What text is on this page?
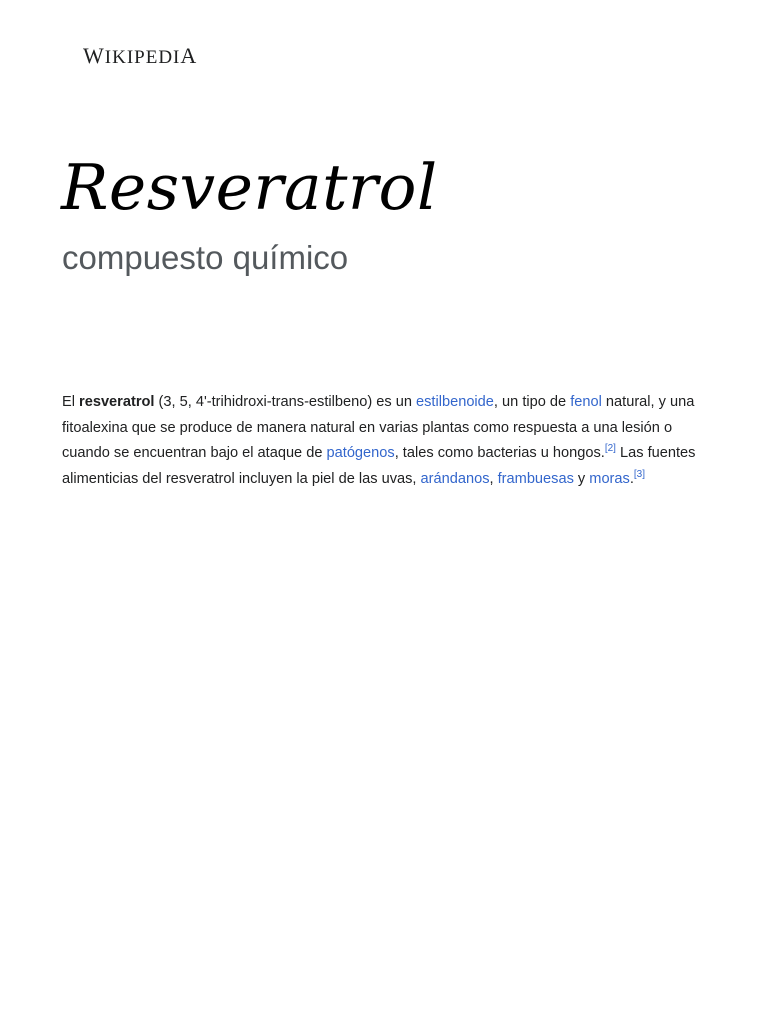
WIKIPEDIA
Resveratrol
compuesto químico

El resveratrol (3, 5, 4'-trihidroxi-trans-estilbeno) es un estilbenoide, un tipo de fenol natural, y una fitoalexina que se produce de manera natural en varias plantas como respuesta a una lesión o cuando se encuentran bajo el ataque de patógenos, tales como bacterias u hongos.[2] Las fuentes alimenticias del resveratrol incluyen la piel de las uvas, arándanos, frambuesas y moras.[3]
